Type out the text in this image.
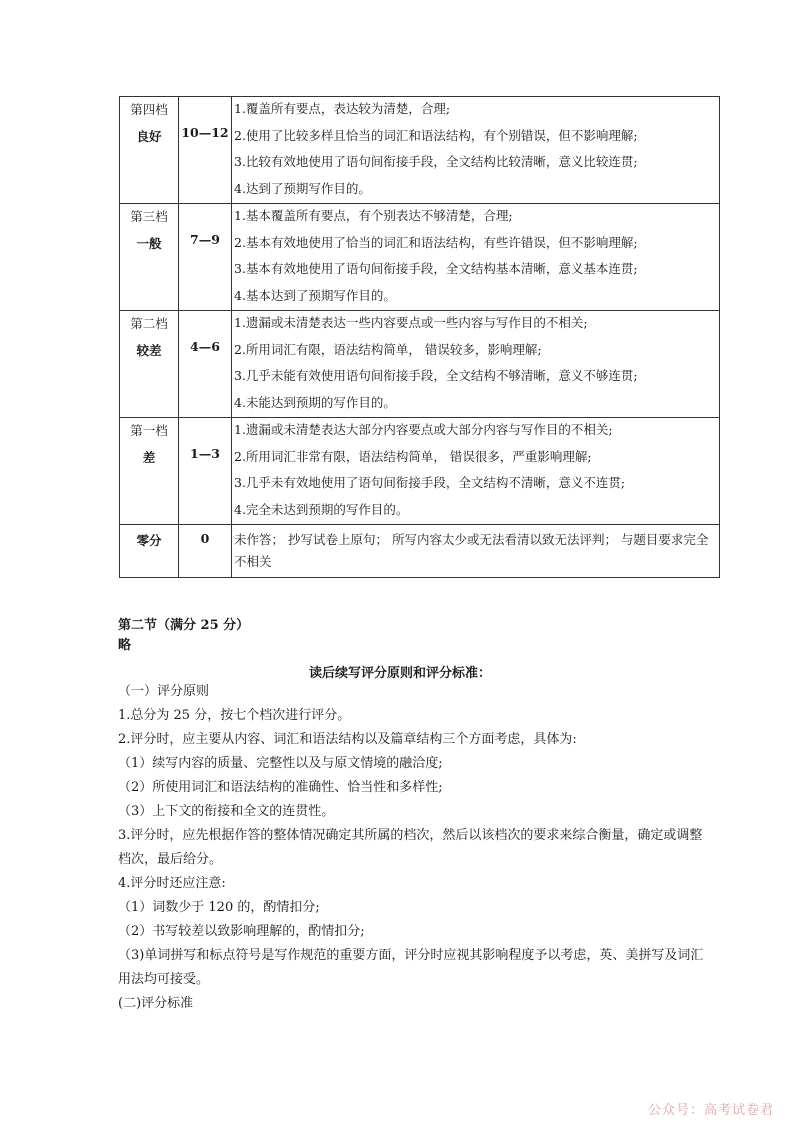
第四档
良好	10—12	1.覆盖所有要点，表达较为清楚，合理;
2.使用了比较多样且恰当的词汇和语法结构，有个别错误，但不影响理解;
3.比较有效地使用了语句间衔接手段，全文结构比较清晰，意义比较连贯;
4.达到了预期写作目的。

第三档
一般	7—9	1.基本覆盖所有要点，有个别表达不够清楚，合理;
2.基本有效地使用了恰当的词汇和语法结构，有些许错误，但不影响理解;
3.基本有效地使用了语句间衔接手段，全文结构基本清晰，意义基本连贯;
4.基本达到了预期写作目的。

第二档
较差	4—6	1.遗漏或未清楚表达一些内容要点或一些内容与写作目的不相关;
2.所用词汇有限，语法结构简单， 错误较多，影响理解;
3.几乎未能有效使用语句间衔接手段，全文结构不够清晰，意义不够连贯;
4.未能达到预期的写作目的。

第一档
差	1—3	1.遗漏或未清楚表达大部分内容要点或大部分内容与写作目的不相关;
2.所用词汇非常有限，语法结构简单， 错误很多，严重影响理解;
3.几乎未有效地使用了语句间衔接手段，全文结构不清晰，意义不连贯;
4.完全未达到预期的写作目的。

零分	0	未作答； 抄写试卷上原句； 所写内容太少或无法看清以致无法评判； 与题目要求完全不相关
第二节（满分 25 分）
略
读后续写评分原则和评分标准：

（一）评分原则

1.总分为 25 分，按七个档次进行评分。

2.评分时，应主要从内容、词汇和语法结构以及篇章结构三个方面考虑，具体为:

（1）续写内容的质量、完整性以及与原文情境的融洽度;

（2）所使用词汇和语法结构的准确性、恰当性和多样性;

（3）上下文的衔接和全文的连贯性。

3.评分时，应先根据作答的整体情况确定其所属的档次，然后以该档次的要求来综合衡量，确定或调整档次，最后给分。

4.评分时还应注意:

（1）词数少于 120 的，酌情扣分;

（2）书写较差以致影响理解的，酌情扣分;

（3)单词拼写和标点符号是写作规范的重要方面，评分时应视其影响程度予以考虑，英、美拼写及词汇用法均可接受。

(二)评分标准

公众号：高考试卷君
